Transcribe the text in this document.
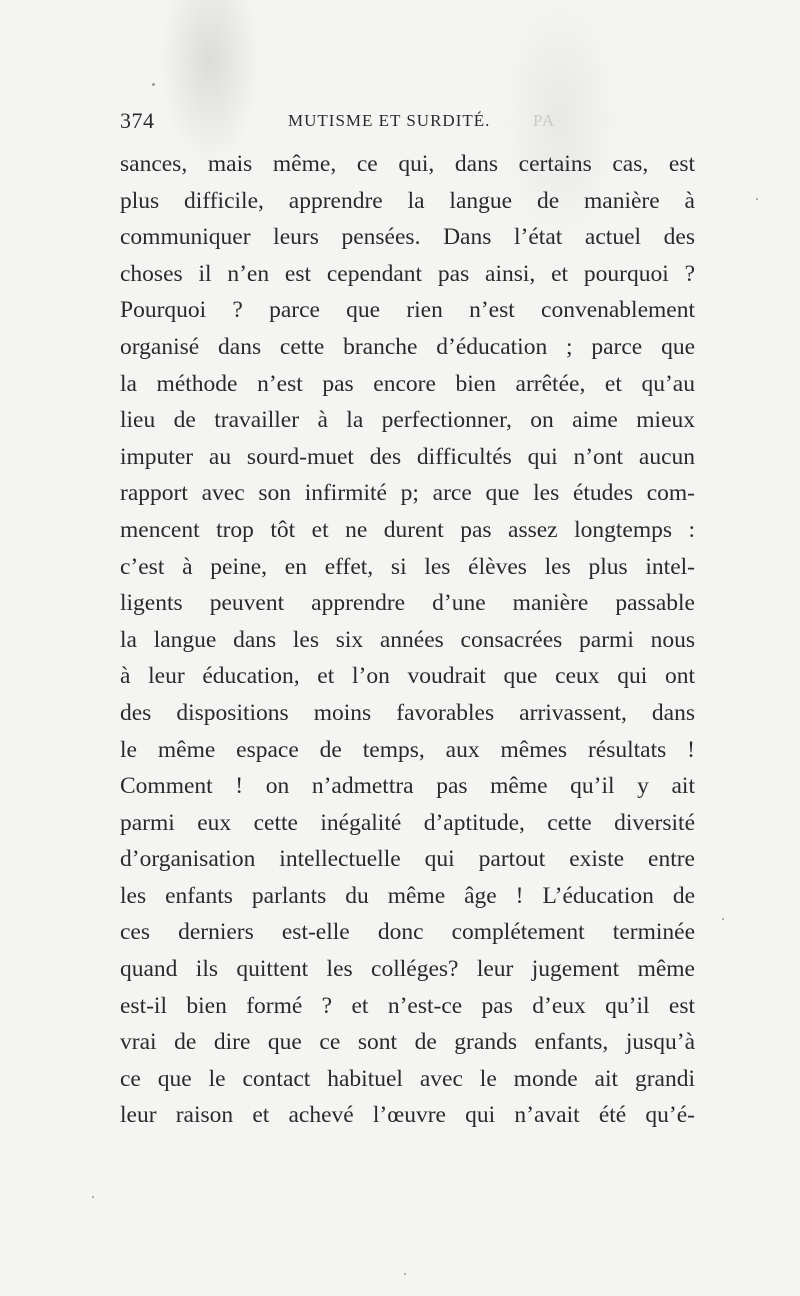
374	MUTISME ET SURDITÉ.	PA
sances, mais même, ce qui, dans certains cas, est
plus difficile, apprendre la langue de manière à
communiquer leurs pensées. Dans l’état actuel des
choses il n’en est cependant pas ainsi, et pourquoi ?
Pourquoi ? parce que rien n’est convenablement
organisé dans cette branche d’éducation ; parce que
la méthode n’est pas encore bien arrêtée, et qu’au
lieu de travailler à la perfectionner, on aime mieux
imputer au sourd-muet des difficultés qui n’ont aucun
rapport avec son infirmité p; arce que les études com-
mencent trop tôt et ne durent pas assez longtemps :
c’est à peine, en effet, si les élèves les plus intel-
ligents peuvent apprendre d’une manière passable
la langue dans les six années consacrées parmi nous
à leur éducation, et l’on voudrait que ceux qui ont
des dispositions moins favorables arrivassent, dans
le même espace de temps, aux mêmes résultats !
Comment ! on n’admettra pas même qu’il y ait
parmi eux cette inégalité d’aptitude, cette diversité
d’organisation intellectuelle qui partout existe entre
les enfants parlants du même âge ! L’éducation de
ces derniers est-elle donc complétement terminée
quand ils quittent les colléges? leur jugement même
est-il bien formé ? et n’est-ce pas d’eux qu’il est
vrai de dire que ce sont de grands enfants, jusqu’à
ce que le contact habituel avec le monde ait grandi
leur raison et achevé l’œuvre qui n’avait été qu’é-
